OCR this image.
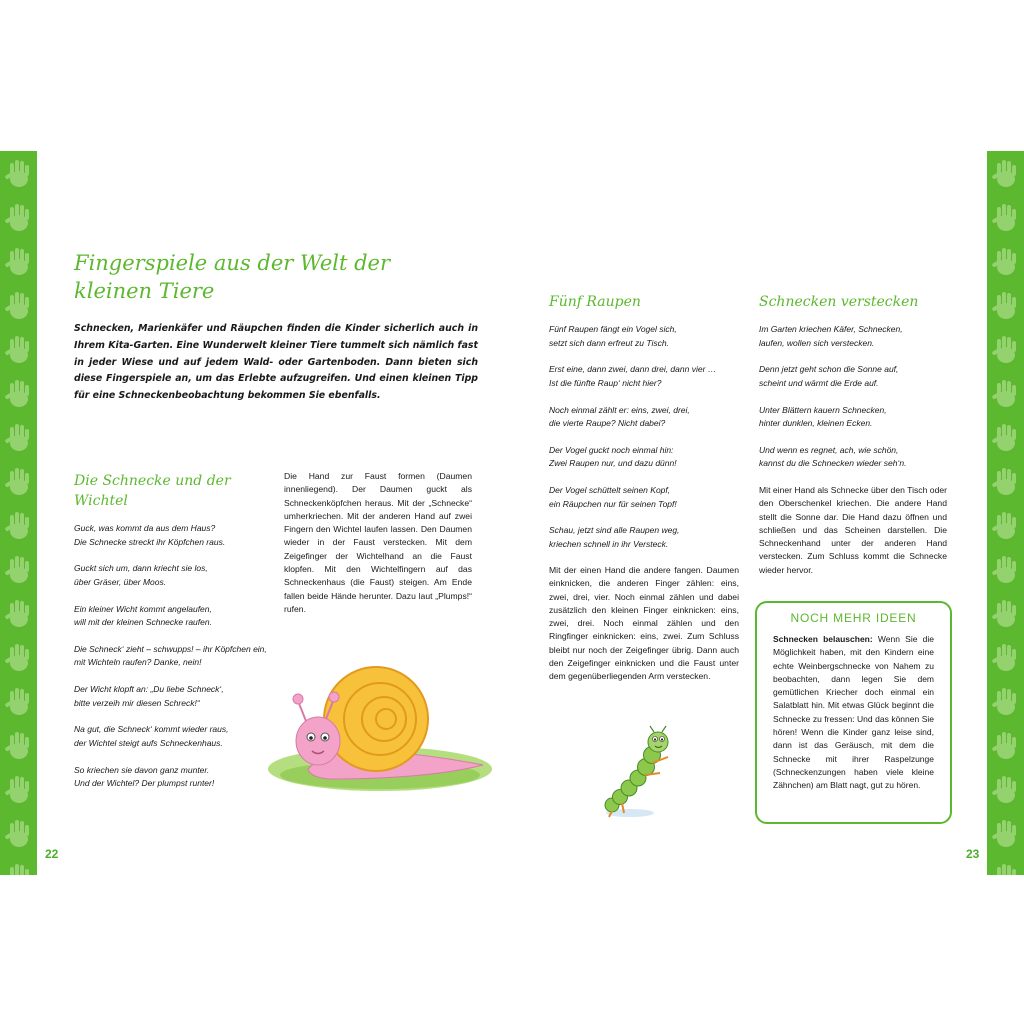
22	23
Fingerspiele aus der Welt der kleinen Tiere
Schnecken, Marienkäfer und Räupchen finden die Kinder sicherlich auch in Ihrem Kita-Garten. Eine Wunderwelt kleiner Tiere tummelt sich nämlich fast in jeder Wiese und auf jedem Wald- oder Gartenboden. Dann bieten sich diese Fingerspiele an, um das Erlebte aufzugreifen. Und einen kleinen Tipp für eine Schneckenbeobachtung bekommen Sie ebenfalls.
Die Schnecke und der Wichtel
Guck, was kommt da aus dem Haus?
Die Schnecke streckt ihr Köpfchen raus.
Guckt sich um, dann kriecht sie los,
über Gräser, über Moos.
Ein kleiner Wicht kommt angelaufen,
will mit der kleinen Schnecke raufen.
Die Schneck‘ zieht – schwupps! – ihr Köpfchen ein,
mit Wichteln raufen? Danke, nein!
Der Wicht klopft an: „Du liebe Schneck‘,
bitte verzeih mir diesen Schreck!“
Na gut, die Schneck‘ kommt wieder raus,
der Wichtel steigt aufs Schneckenhaus.
So kriechen sie davon ganz munter.
Und der Wichtel? Der plumpst runter!
Die Hand zur Faust formen (Daumen innenliegend). Der Daumen guckt als Schneckenköpfchen heraus. Mit der „Schnecke“ umherkriechen. Mit der anderen Hand auf zwei Fingern den Wichtel laufen lassen. Den Daumen wieder in der Faust verstecken. Mit dem Zeigefinger der Wichtelhand an die Faust klopfen. Mit den Wichtelfingern auf das Schneckenhaus (die Faust) steigen. Am Ende fallen beide Hände herunter. Dazu laut „Plumps!“ rufen.
Fünf Raupen
Fünf Raupen fängt ein Vogel sich,
setzt sich dann erfreut zu Tisch.
Erst eine, dann zwei, dann drei, dann vier …
Ist die fünfte Raup‘ nicht hier?
Noch einmal zählt er: eins, zwei, drei,
die vierte Raupe? Nicht dabei?
Der Vogel guckt noch einmal hin:
Zwei Raupen nur, und dazu dünn!
Der Vogel schüttelt seinen Kopf,
ein Räupchen nur für seinen Topf!
Schau, jetzt sind alle Raupen weg,
kriechen schnell in ihr Versteck.
Mit der einen Hand die andere fangen. Daumen einknicken, die anderen Finger zählen: eins, zwei, drei, vier. Noch einmal zählen und dabei zusätzlich den kleinen Finger einknicken: eins, zwei, drei. Noch einmal zählen und den Ringfinger einknicken: eins, zwei. Zum Schluss bleibt nur noch der Zeigefinger übrig. Dann auch den Zeigefinger einknicken und die Faust unter dem gegenüberliegenden Arm verstecken.
Schnecken verstecken
Im Garten kriechen Käfer, Schnecken,
laufen, wollen sich verstecken.
Denn jetzt geht schon die Sonne auf,
scheint und wärmt die Erde auf.
Unter Blättern kauern Schnecken,
hinter dunklen, kleinen Ecken.
Und wenn es regnet, ach, wie schön,
kannst du die Schnecken wieder seh‘n.
Mit einer Hand als Schnecke über den Tisch oder den Oberschenkel kriechen. Die andere Hand stellt die Sonne dar. Die Hand dazu öffnen und schließen und das Scheinen darstellen. Die Schneckenhand unter der anderen Hand verstecken. Zum Schluss kommt die Schnecke wieder hervor.
NOCH MEHR IDEEN
Schnecken belauschen: Wenn Sie die Möglichkeit haben, mit den Kindern eine echte Weinbergschnecke von Nahem zu beobachten, dann legen Sie dem gemütlichen Kriecher doch einmal ein Salatblatt hin. Mit etwas Glück beginnt die Schnecke zu fressen: Und das können Sie hören! Wenn die Kinder ganz leise sind, dann ist das Geräusch, mit dem die Schnecke mit ihrer Raspelzunge (Schneckenzungen haben viele kleine Zähnchen) am Blatt nagt, gut zu hören.
